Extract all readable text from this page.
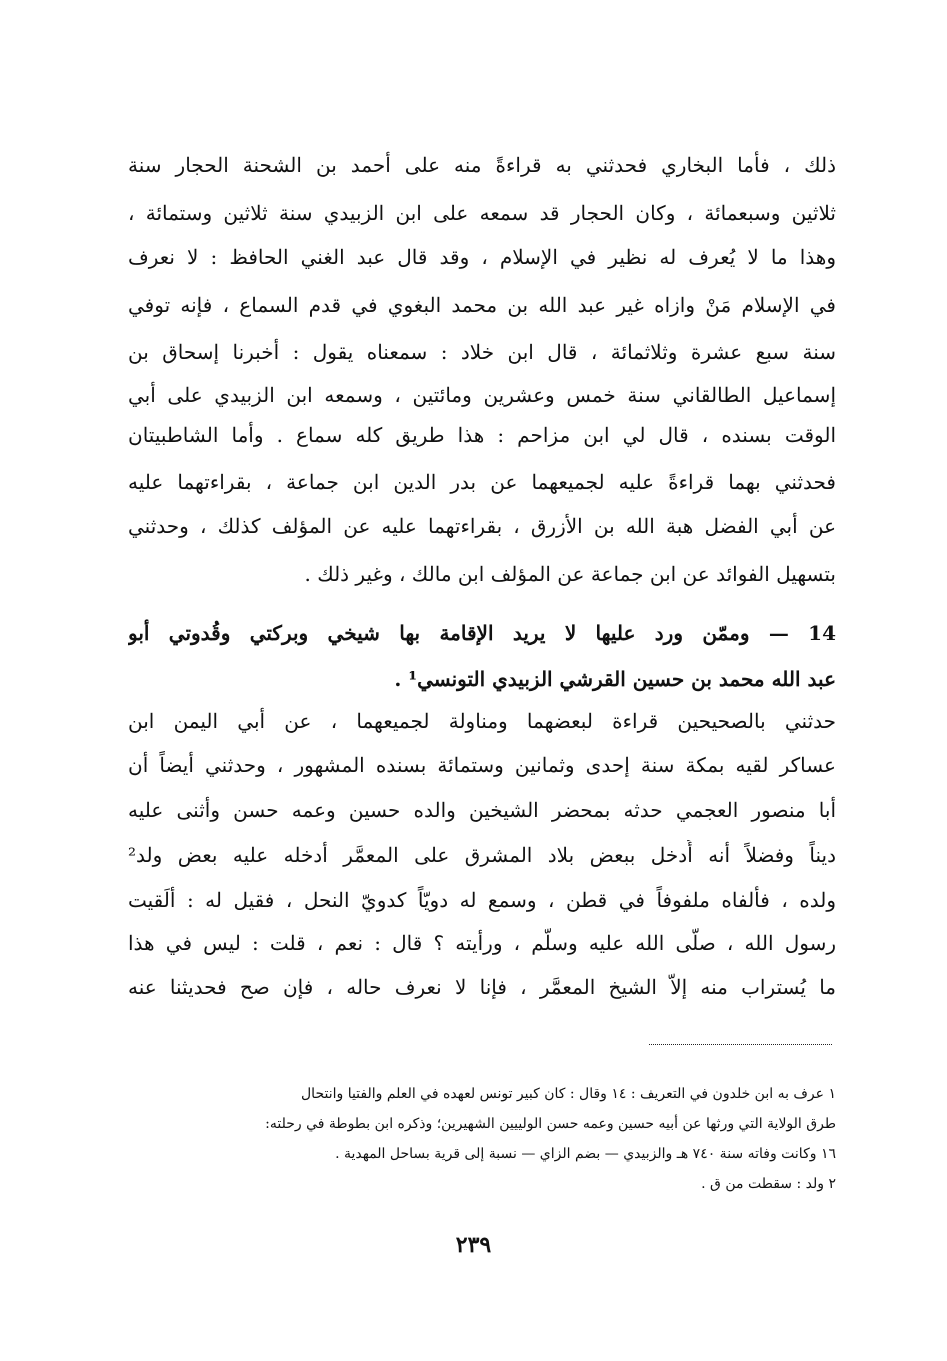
ذلك ، فأما البخاري فحدثني به قراءةً منه على أحمد بن الشحنة الحجار سنة
ثلاثين وسبعمائة ، وكان الحجار قد سمعه على ابن الزبيدي سنة ثلاثين وستمائة ،
وهذا ما لا يُعرف له نظير في الإسلام ، وقد قال عبد الغني الحافظ : لا نعرف
في الإسلام مَنْ وازاه غير عبد الله بن محمد البغوي في قدم السماع ، فإنه توفي
سنة سبع عشرة وثلاثمائة ، قال ابن خلاد : سمعناه يقول : أخبرنا إسحاق بن
إسماعيل الطالقاني سنة خمس وعشرين ومائتين ، وسمعه ابن الزبيدي على أبي
الوقت بسنده ، قال لي ابن مزاحم : هذا طريق كله سماع . وأما الشاطبيتان
فحدثني بهما قراءةً عليه لجميعهما عن بدر الدين ابن جماعة ، بقراءتهما عليه
عن أبي الفضل هبة الله بن الأزرق ، بقراءتهما عليه عن المؤلف كذلك ، وحدثني
بتسهيل الفوائد عن ابن جماعة عن المؤلف ابن مالك ، وغير ذلك .
14 — وممّن ورد عليها لا يريد الإقامة بها شيخي وبركتي وقُدوتي أبو
عبد الله محمد بن حسين القرشي الزبيدي التونسي¹ .
حدثني بالصحيحين قراءة لبعضهما ومناولة لجميعهما ، عن أبي اليمن ابن
عساكر لقيه بمكة سنة إحدى وثمانين وستمائة بسنده المشهور ، وحدثني أيضاً أن
أبا منصور العجمي حدثه بمحضر الشيخين والده حسين وعمه حسن وأثنى عليه
ديناً وفضلاً أنه أُدخل ببعض بلاد المشرق على المعمَّر أدخله عليه بعض ولد²
ولده ، فألفاه ملفوفاً في قطن ، وسمع له دويّاً كدويّ النحل ، فقيل له : ألَقيت
رسول الله ، صلّى الله عليه وسلّم ، ورأيته ؟ قال : نعم ، قلت : ليس في هذا
ما يُستراب منه إلاّ الشيخ المعمَّر ، فإنا لا نعرف حاله ، فإن صح فحديثنا عنه
١ عرف به ابن خلدون في التعريف : ١٤ وقال : كان كبير تونس لعهده في العلم والفتيا وانتحال
طرق الولاية التي ورثها عن أبيه حسين وعمه حسن الولييين الشهيرين؛ وذكره ابن بطوطة في رحلته:
١٦ وكانت وفاته سنة ٧٤٠ هـ والزبيدي — بضم الزاي — نسبة إلى قرية بساحل المهدية .
٢ ولد : سقطت من ق .
٢٣٩
